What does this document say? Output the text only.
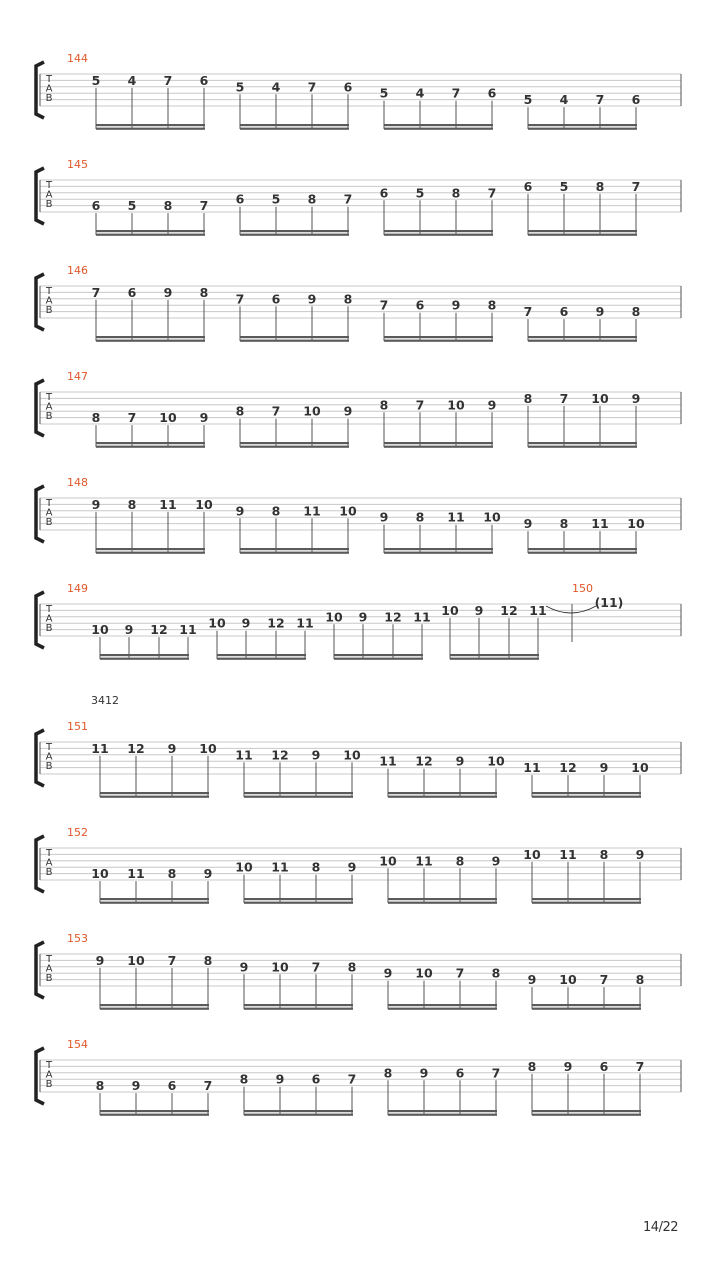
T
A
B
144
5 4 7 6 5 4 7 6 5 4 7 6 5 4 7 6
T
A
B
145
6 5 8 7 6 5 8 7 6 5 8 7 6 5 8 7
T
A
B
146
7 6 9 8 7 6 9 8 7 6 9 8 7 6 9 8
T
A
B
147
8 7 10 9 8 7 10 9 8 7 10 9 8 7 10 9
T
A
B
148
9 8 11 10 9 8 11 10 9 8 11 10 9 8 11 10
T
A
B
149
10 9 12 11 10 9 12 11 10 9 12 11 10 9 12 11
150
(11)
T
A
B
151
11 12 9 10 11 12 9 10 11 12 9 10 11 12 9 10
T
A
B
152
10 11 8 9 10 11 8 9 10 11 8 9 10 11 8 9
T
A
B
153
9 10 7 8 9 10 7 8 9 10 7 8 9 10 7 8
T
A
B
154
8 9 6 7 8 9 6 7 8 9 6 7 8 9 6 7
3412
14/22
